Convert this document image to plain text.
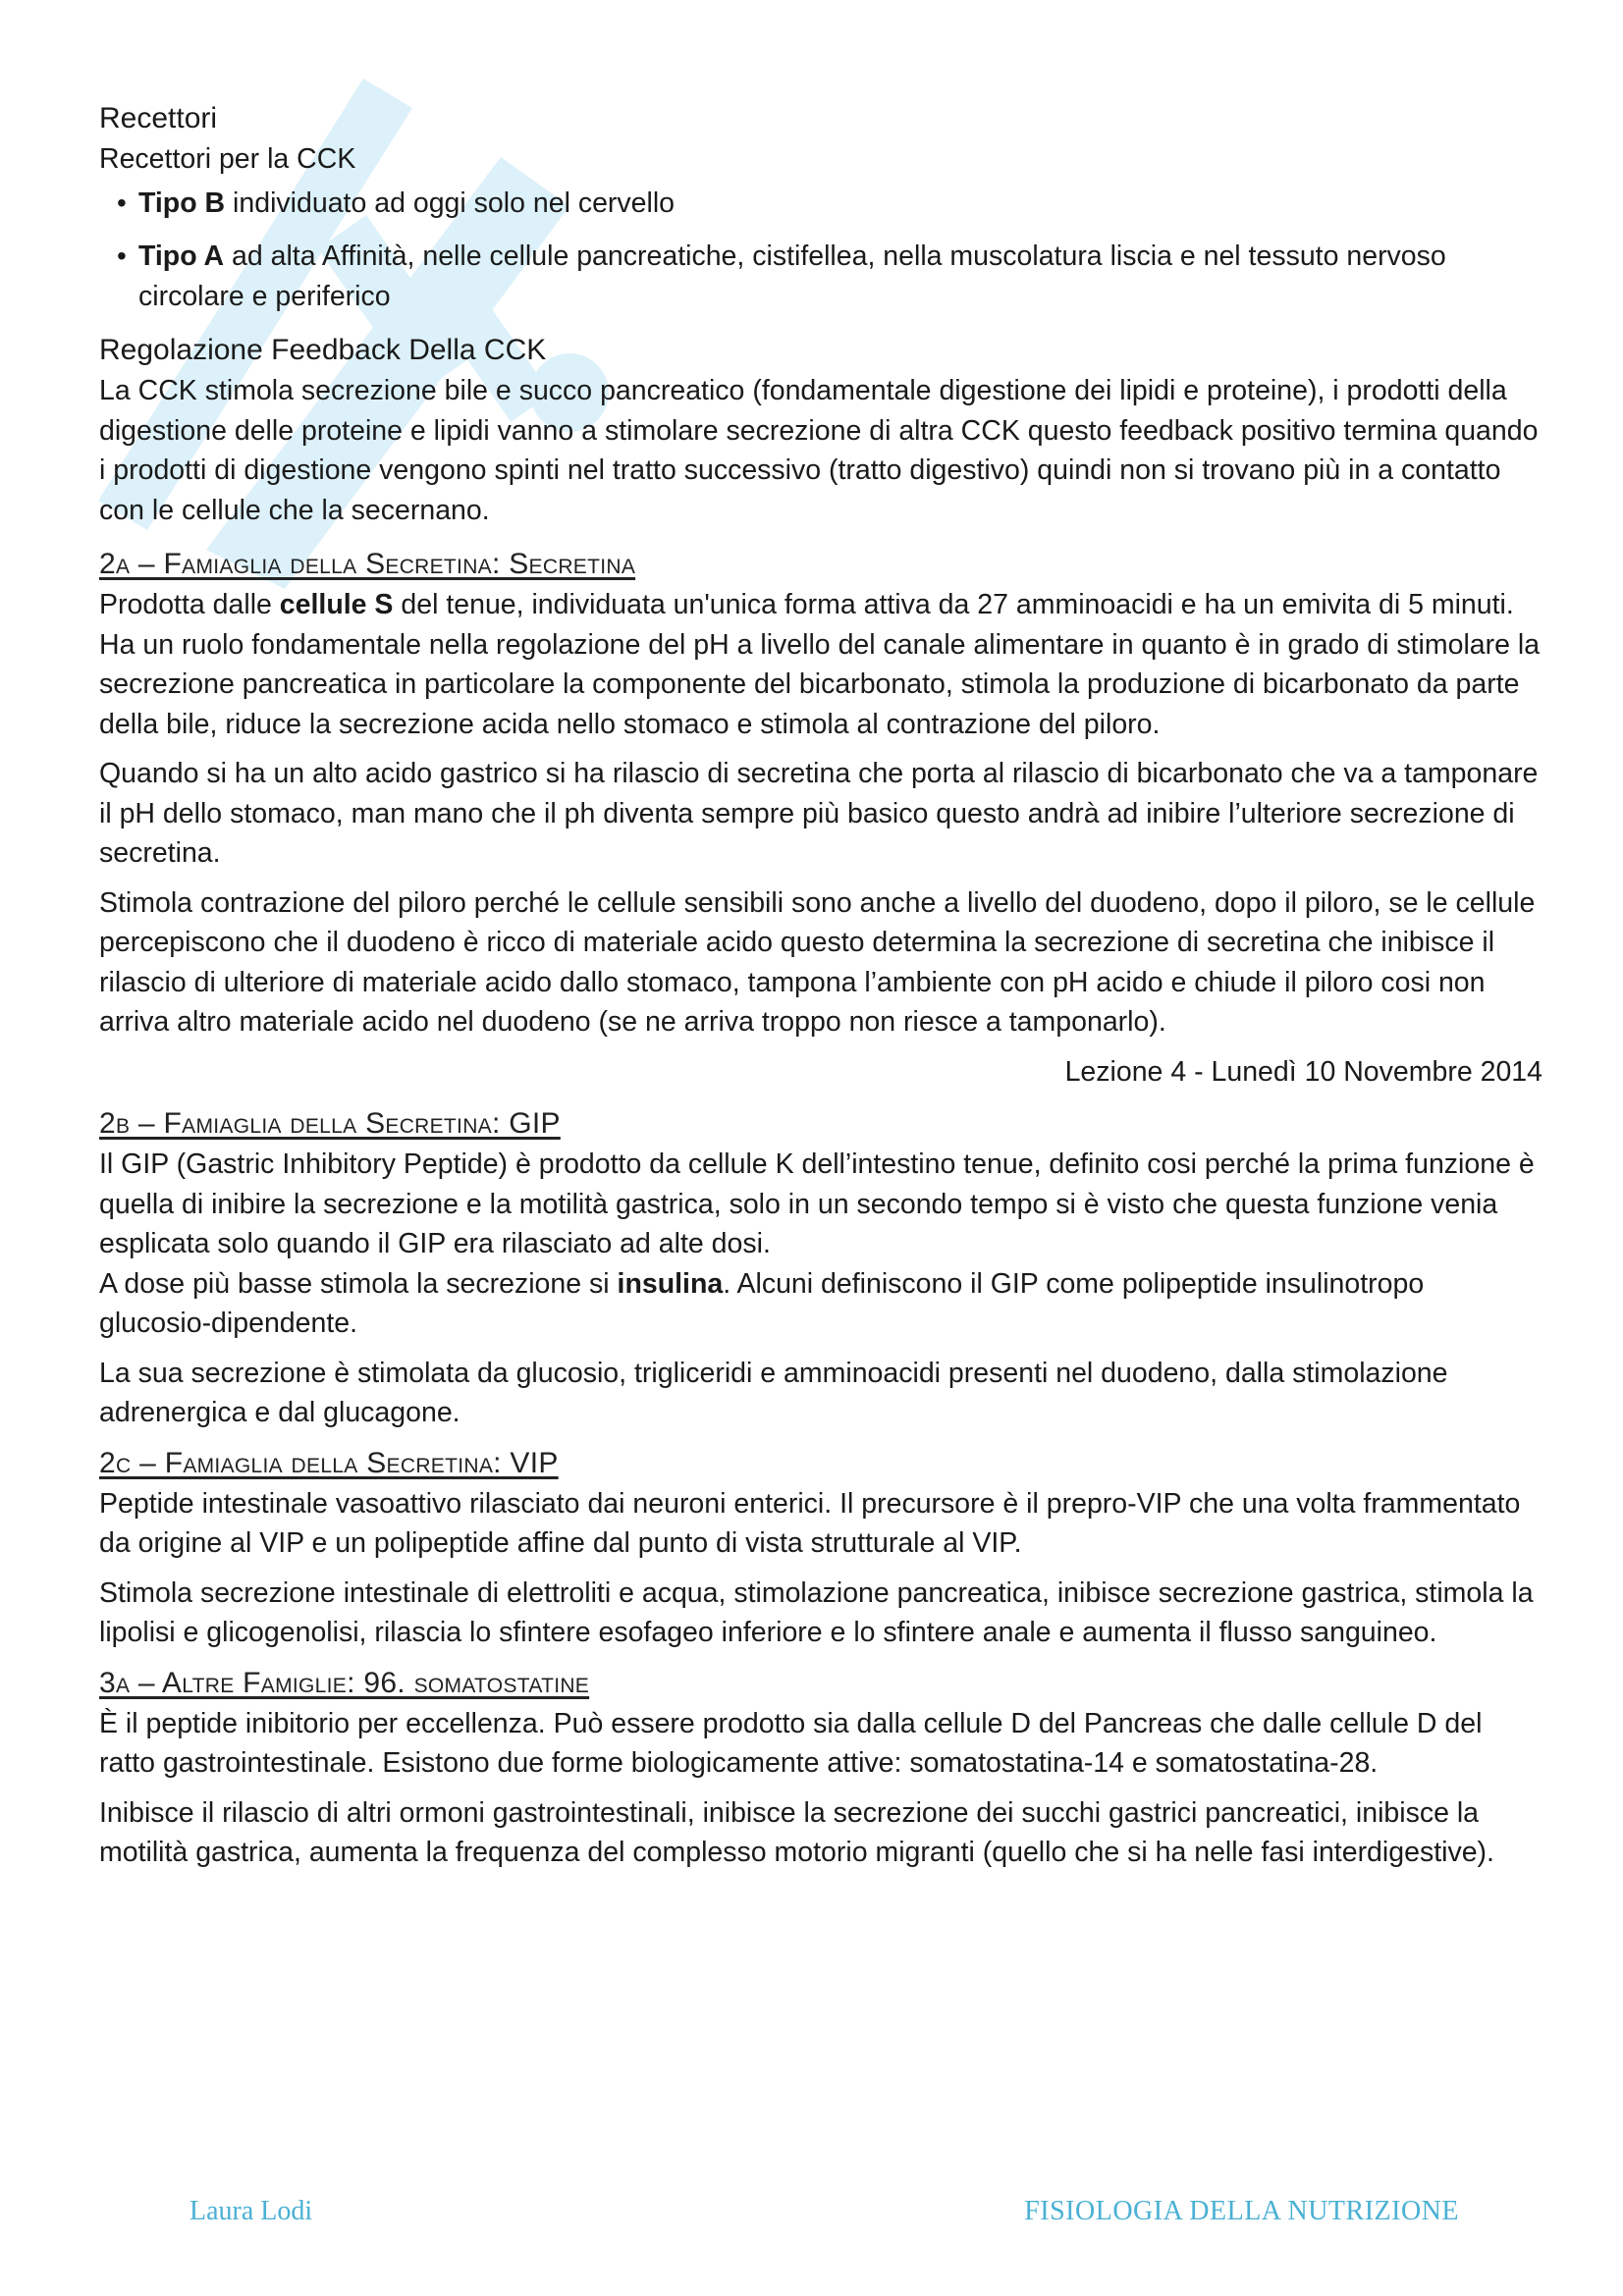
Recettori
Recettori per la CCK
• Tipo B individuato ad oggi solo nel cervello
• Tipo A ad alta Affinità, nelle cellule pancreatiche, cistifellea, nella muscolatura liscia e nel tessuto nervoso circolare e periferico
Regolazione Feedback Della CCK
La CCK stimola secrezione bile e succo pancreatico (fondamentale digestione dei lipidi e proteine), i prodotti della digestione delle proteine e lipidi vanno a stimolare secrezione di altra CCK questo feedback positivo termina quando i prodotti di digestione vengono spinti nel tratto successivo (tratto digestivo) quindi non si trovano più in a contatto con le cellule che la secernano.
2a – Famiaglia della Secretina: Secretina
Prodotta dalle cellule S del tenue, individuata un'unica forma attiva da 27 amminoacidi e ha un emivita di 5 minuti. Ha un ruolo fondamentale nella regolazione del pH a livello del canale alimentare in quanto è in grado di stimolare la secrezione pancreatica in particolare la componente del bicarbonato, stimola la produzione di bicarbonato da parte della bile, riduce la secrezione acida nello stomaco e stimola al contrazione del piloro.
Quando si ha un alto acido gastrico si ha rilascio di secretina che porta al rilascio di bicarbonato che va a tamponare il pH dello stomaco, man mano che il ph diventa sempre più basico questo andrà ad inibire l’ulteriore secrezione di secretina.
Stimola contrazione del piloro perché le cellule sensibili sono anche a livello del duodeno, dopo il piloro, se le cellule percepiscono che il duodeno è ricco di materiale acido questo determina la secrezione di secretina che inibisce il rilascio di ulteriore di materiale acido dallo stomaco, tampona l’ambiente con pH acido e chiude il piloro cosi non arriva altro materiale acido nel duodeno (se ne arriva troppo non riesce a tamponarlo).
Lezione 4 - Lunedì 10 Novembre 2014
2b – Famiaglia della Secretina: GIP
Il GIP (Gastric Inhibitory Peptide) è prodotto da cellule K dell’intestino tenue, definito cosi perché la prima funzione è quella di inibire la secrezione e la motilità gastrica, solo in un secondo tempo si è visto che questa funzione venia esplicata solo quando il GIP era rilasciato ad alte dosi.
A dose più basse stimola la secrezione si insulina. Alcuni definiscono il GIP come polipeptide insulinotropo glucosio-dipendente.
La sua secrezione è stimolata da glucosio, trigliceridi e amminoacidi presenti nel duodeno, dalla stimolazione adrenergica e dal glucagone.
2c – Famiaglia della Secretina: VIP
Peptide intestinale vasoattivo rilasciato dai neuroni enterici. Il precursore è il prepro-VIP che una volta frammentato da origine al VIP e un polipeptide affine dal punto di vista strutturale al VIP.
Stimola secrezione intestinale di elettroliti e acqua, stimolazione pancreatica, inibisce secrezione gastrica, stimola la lipolisi e glicogenolisi, rilascia lo sfintere esofageo inferiore e lo sfintere anale e aumenta il flusso sanguineo.
3a – Altre Famiglie: 96. somatostatine
È il peptide inibitorio per eccellenza. Può essere prodotto sia dalla cellule D del Pancreas che dalle cellule D del ratto gastrointestinale. Esistono due forme biologicamente attive: somatostatina-14 e somatostatina-28.
Inibisce il rilascio di altri ormoni gastrointestinali, inibisce la secrezione dei succhi gastrici pancreatici, inibisce la motilità gastrica, aumenta la frequenza del complesso motorio migranti (quello che si ha nelle fasi interdigestive).
Laura Lodi	FISIOLOGIA DELLA NUTRIZIONE
